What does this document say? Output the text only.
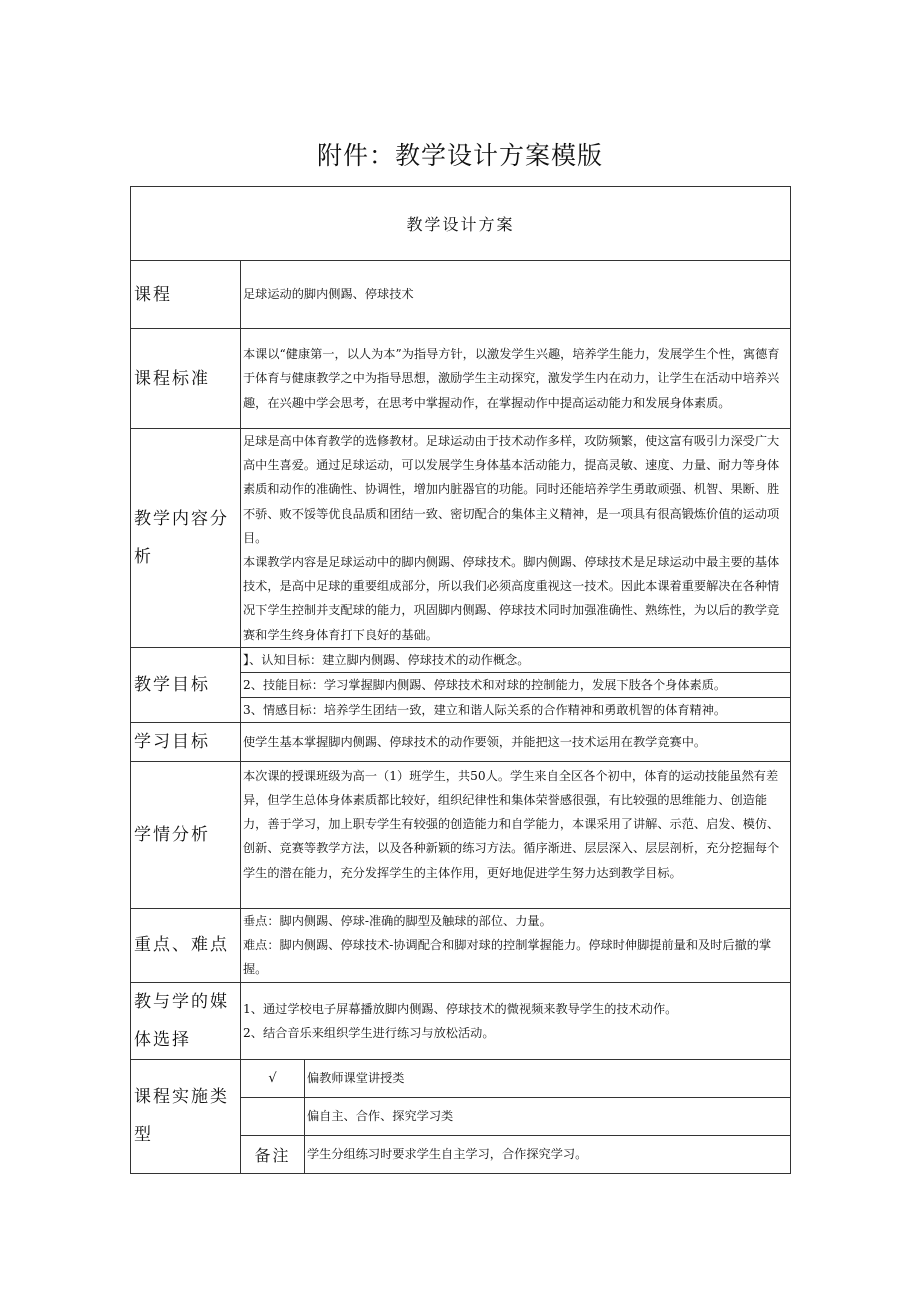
附件：教学设计方案模版
教学设计方案		
课程	足球运动的脚内侧踢、停球技术	
课程标准	本课以“健康第一，以人为本”为指导方针，以激发学生兴趣，培养学生能力，发展学生个性，寓德育于体育与健康教学之中为指导思想，激励学生主动探究，激发学生内在动力，让学生在活动中培养兴趣，在兴趣中学会思考，在思考中掌握动作，在掌握动作中提高运动能力和发展身体素质。	
教学内容分析	足球是高中体育教学的选修教材。足球运动由于技术动作多样，攻防频繁，使这富有吸引力深受广大高中生喜爱。通过足球运动，可以发展学生身体基本活动能力，提高灵敏、速度、力量、耐力等身体素质和动作的准确性、协调性，增加内脏器官的功能。同时还能培养学生勇敢顽强、机智、果断、胜不骄、败不馁等优良品质和团结一致、密切配合的集体主义精神，是一项具有很高锻炼价值的运动项目。

本课教学内容是足球运动中的脚内侧踢、停球技术。脚内侧踢、停球技术是足球运动中最主要的基体技术，是高中足球的重要组成部分，所以我们必须高度重视这一技术。因此本课着重要解决在各种情况下学生控制并支配球的能力，巩固脚内侧踢、停球技术同时加强准确性、熟练性，为以后的教学竞赛和学生终身体育打下良好的基础。	

教学目标	】、认知目标：建立脚内侧踢、停球技术的动作概念。	
	2、技能目标：学习掌握脚内侧踢、停球技术和对球的控制能力，发展下肢各个身体素质。	
	3、情感目标：培养学生团结一致，建立和谐人际关系的合作精神和勇敢机智的体育精神。	
学习目标	使学生基本掌握脚内侧踢、停球技术的动作要领，并能把这一技术运用在教学竞赛中。	
学情分析	本次课的授课班级为高一（1）班学生，共50人。学生来自全区各个初中，体育的运动技能虽然有差异，但学生总体身体素质都比较好，组织纪律性和集体荣誉感很强，有比较强的思维能力、创造能力，善于学习，加上职专学生有较强的创造能力和自学能力，本课采用了讲解、示范、启发、模仿、创新、竞赛等教学方法，以及各种新颖的练习方法。循序渐进、层层深入、层层剖析，充分挖掘每个学生的潜在能力，充分发挥学生的主体作用，更好地促进学生努力达到教学目标。	
重点、难点	垂点：脚内侧踢、停球-准确的脚型及触球的部位、力量。

难点：脚内侧踢、停球技术-协调配合和脚对球的控制掌握能力。停球时伸脚提前量和及时后撤的掌握。	

教与学的媒体选择	1、通过学校电子屏幕播放脚内侧踢、停球技术的微视频来教导学生的技术动作。

2、结合音乐来组织学生进行练习与放松活动。	

课程实施类型	√	偏教师课堂讲授类
		偏自主、合作、探究学习类
	备注	学生分组练习时要求学生自主学习，合作探究学习。
